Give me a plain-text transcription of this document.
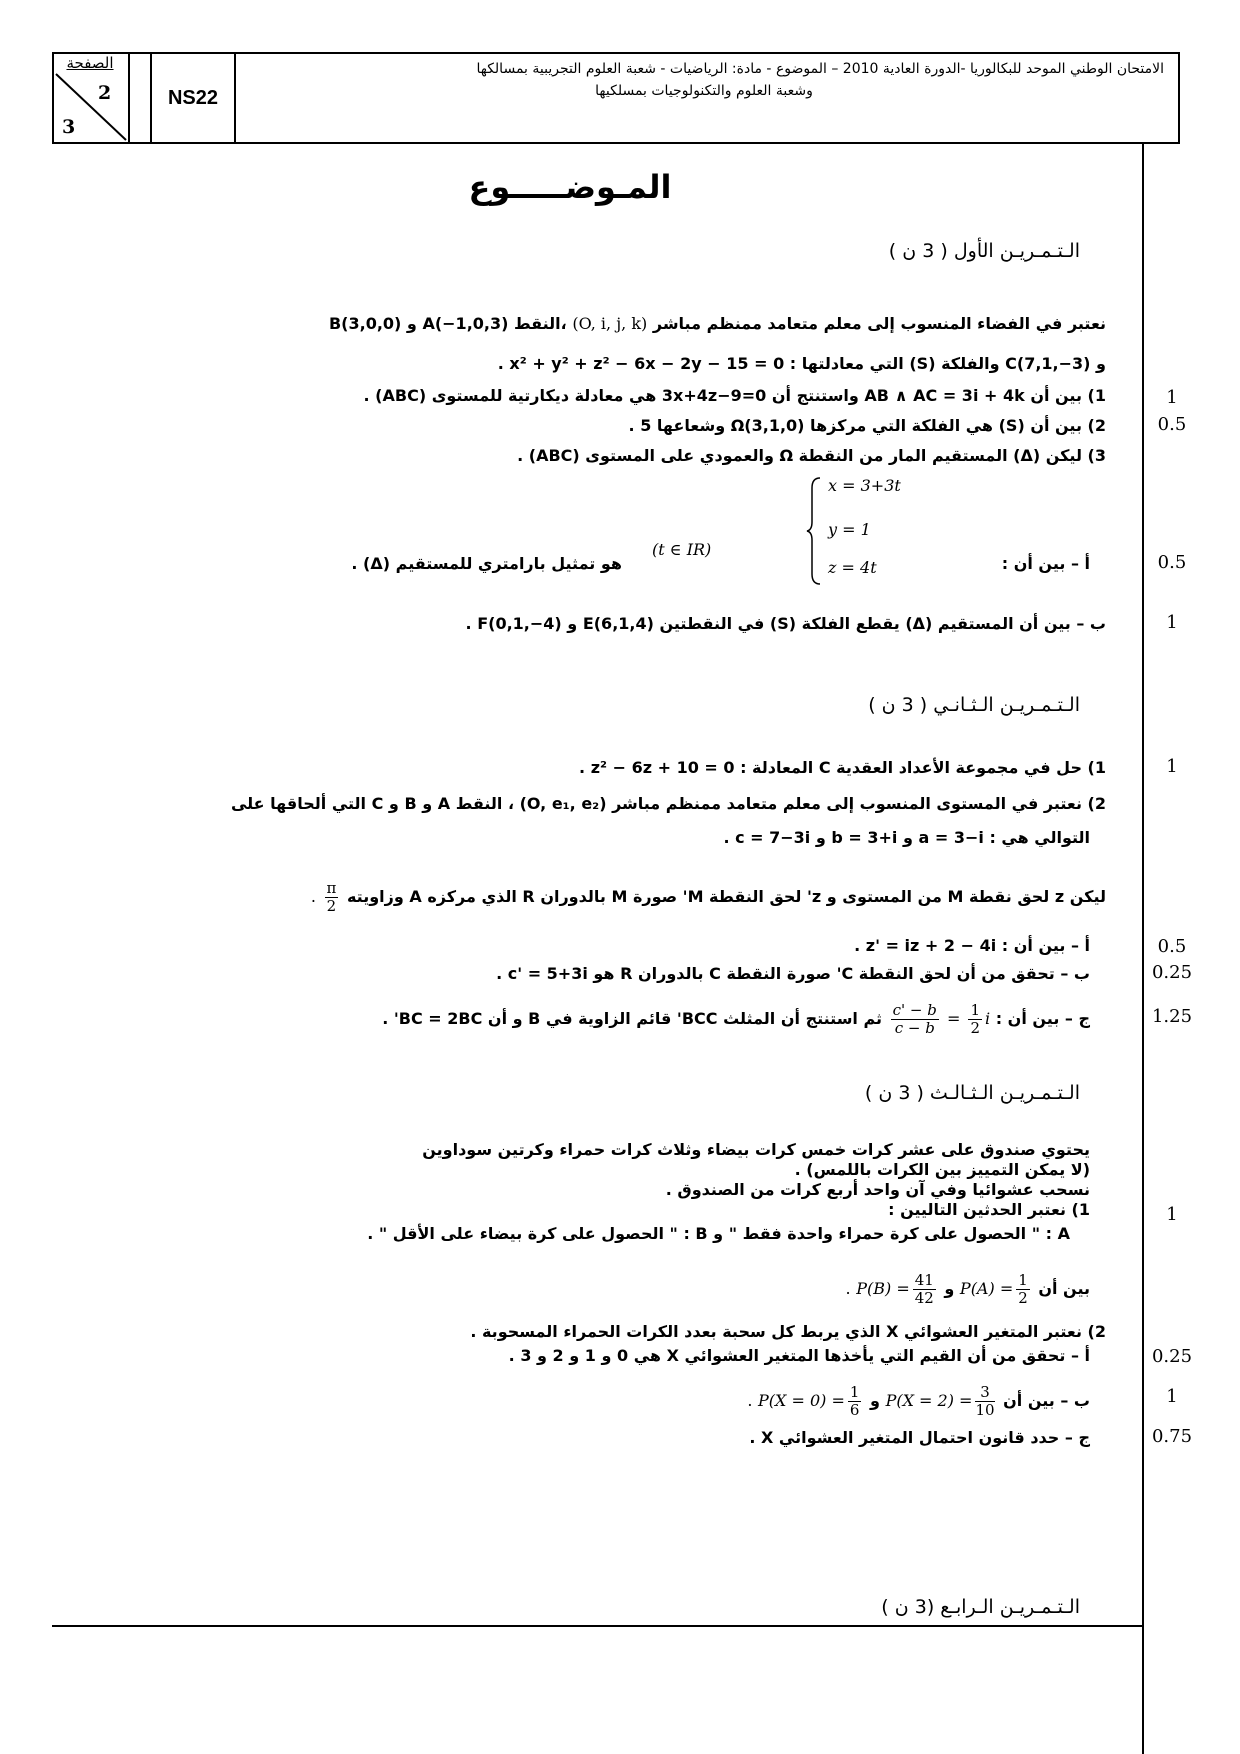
الصفحة
2
3
NS22
الامتحان الوطني الموحد للبكالوريا -الدورة العادية 2010 – الموضوع - مادة: الرياضيات - شعبة العلوم التجريبية بمسالكها
وشعبة العلوم والتكنولوجيات بمسلكيها
المـوضـــــوع
الـتـمـريـن الأول ( 3 ن )
نعتبر في الفضاء المنسوب إلى معلم متعامد ممنظم مباشر (O, i, j, k) ،النقط A(−1,0,3) و B(3,0,0)
و C(7,1,−3) والفلكة (S) التي معادلتها : x² + y² + z² − 6x − 2y − 15 = 0 .
1) بين أن AB ∧ AC = 3i + 4k واستنتج أن 3x+4z−9=0 هي معادلة ديكارتية للمستوى (ABC) .	1
2) بين أن (S) هي الفلكة التي مركزها Ω(3,1,0) وشعاعها 5 .	0.5
3) ليكن (Δ) المستقيم المار من النقطة Ω والعمودي على المستوى (ABC) .
أ – بين أن :
x = 3+3t
y = 1
z = 4t
(t ∈ IR)
هو تمثيل بارامتري للمستقيم (Δ) .	0.5
ب – بين أن المستقيم (Δ) يقطع الفلكة (S) في النقطتين E(6,1,4) و F(0,1,−4) .	1
الـتـمـريـن الـثـانـي ( 3 ن )
1) حل في مجموعة الأعداد العقدية C المعادلة : z² − 6z + 10 = 0 .	1
2) نعتبر في المستوى المنسوب إلى معلم متعامد ممنظم مباشر (O, e₁, e₂) ، النقط A و B و C التي ألحاقها على
التوالي هي : a = 3−i و b = 3+i و c = 7−3i .
ليكن z لحق نقطة M من المستوى و z' لحق النقطة M' صورة M بالدوران R الذي مركزه A وزاويته
$\frac{\pi}{2}$
.
أ – بين أن : z' = iz + 2 − 4i .	0.5
ب – تحقق من أن لحق النقطة C' صورة النقطة C بالدوران R هو c' = 5+3i .	0.25
ج – بين أن :
$\frac{c' - b}{c - b} = \frac{1}{2}$ i ثم استنتج أن المثلث BCC' قائم الزاوية في B و أن BC = 2BC' .	1.25
الـتـمـريـن الـثـالـث ( 3 ن )
يحتوي صندوق على عشر كرات خمس كرات بيضاء وثلاث كرات حمراء وكرتين سوداوين
(لا يمكن التمييز بين الكرات باللمس) .
نسحب عشوائيا وفي آن واحد أربع كرات من الصندوق .
1) نعتبر الحدثين التاليين :	1
A : " الحصول على كرة حمراء واحدة فقط " و B : " الحصول على كرة بيضاء على الأقل " .
بين أن $P(A) = \frac{1}{2}$
و $P(B) = \frac{41}{42}$
.
2) نعتبر المتغير العشوائي X الذي يربط كل سحبة بعدد الكرات الحمراء المسحوبة .
أ – تحقق من أن القيم التي يأخذها المتغير العشوائي X هي 0 و 1 و 2 و 3 .	0.25
ب – بين أن $P(X = 2) = \frac{3}{10}$
و $P(X = 0) = \frac{1}{6}$
.	1
ج – حدد قانون احتمال المتغير العشوائي X .	0.75
الـتـمـريـن الـرابـع (3 ن )
